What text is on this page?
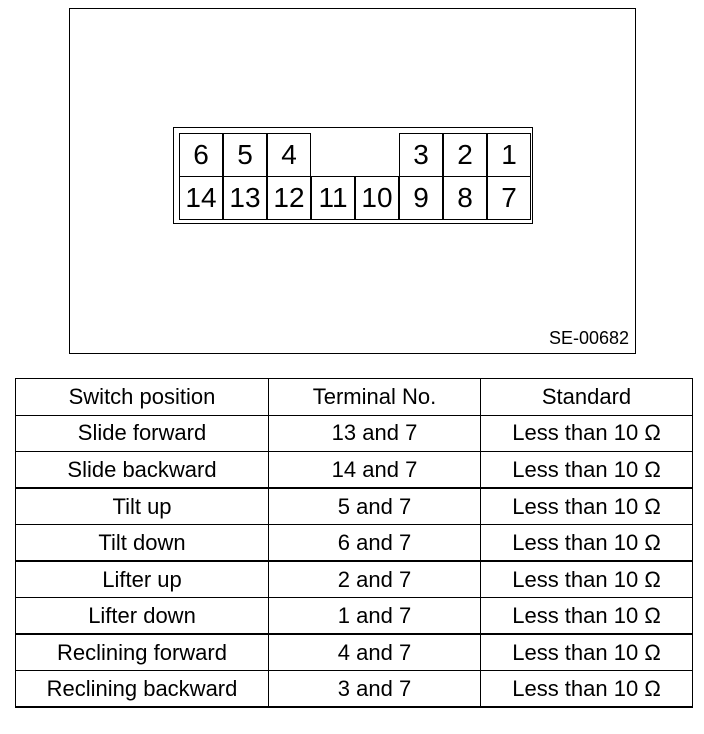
SE-00682
6	5	4	3	2	1
14 13 12 11 10 9	8	7
Switch position	Terminal No.	Standard
Slide forward	13 and 7	Less than 10 Ω
Slide backward	14 and 7	Less than 10 Ω
Tilt up	5 and 7	Less than 10 Ω
Tilt down	6 and 7	Less than 10 Ω
Lifter up	2 and 7	Less than 10 Ω
Lifter down	1 and 7	Less than 10 Ω
Reclining forward	4 and 7	Less than 10 Ω
Reclining backward	3 and 7	Less than 10 Ω
